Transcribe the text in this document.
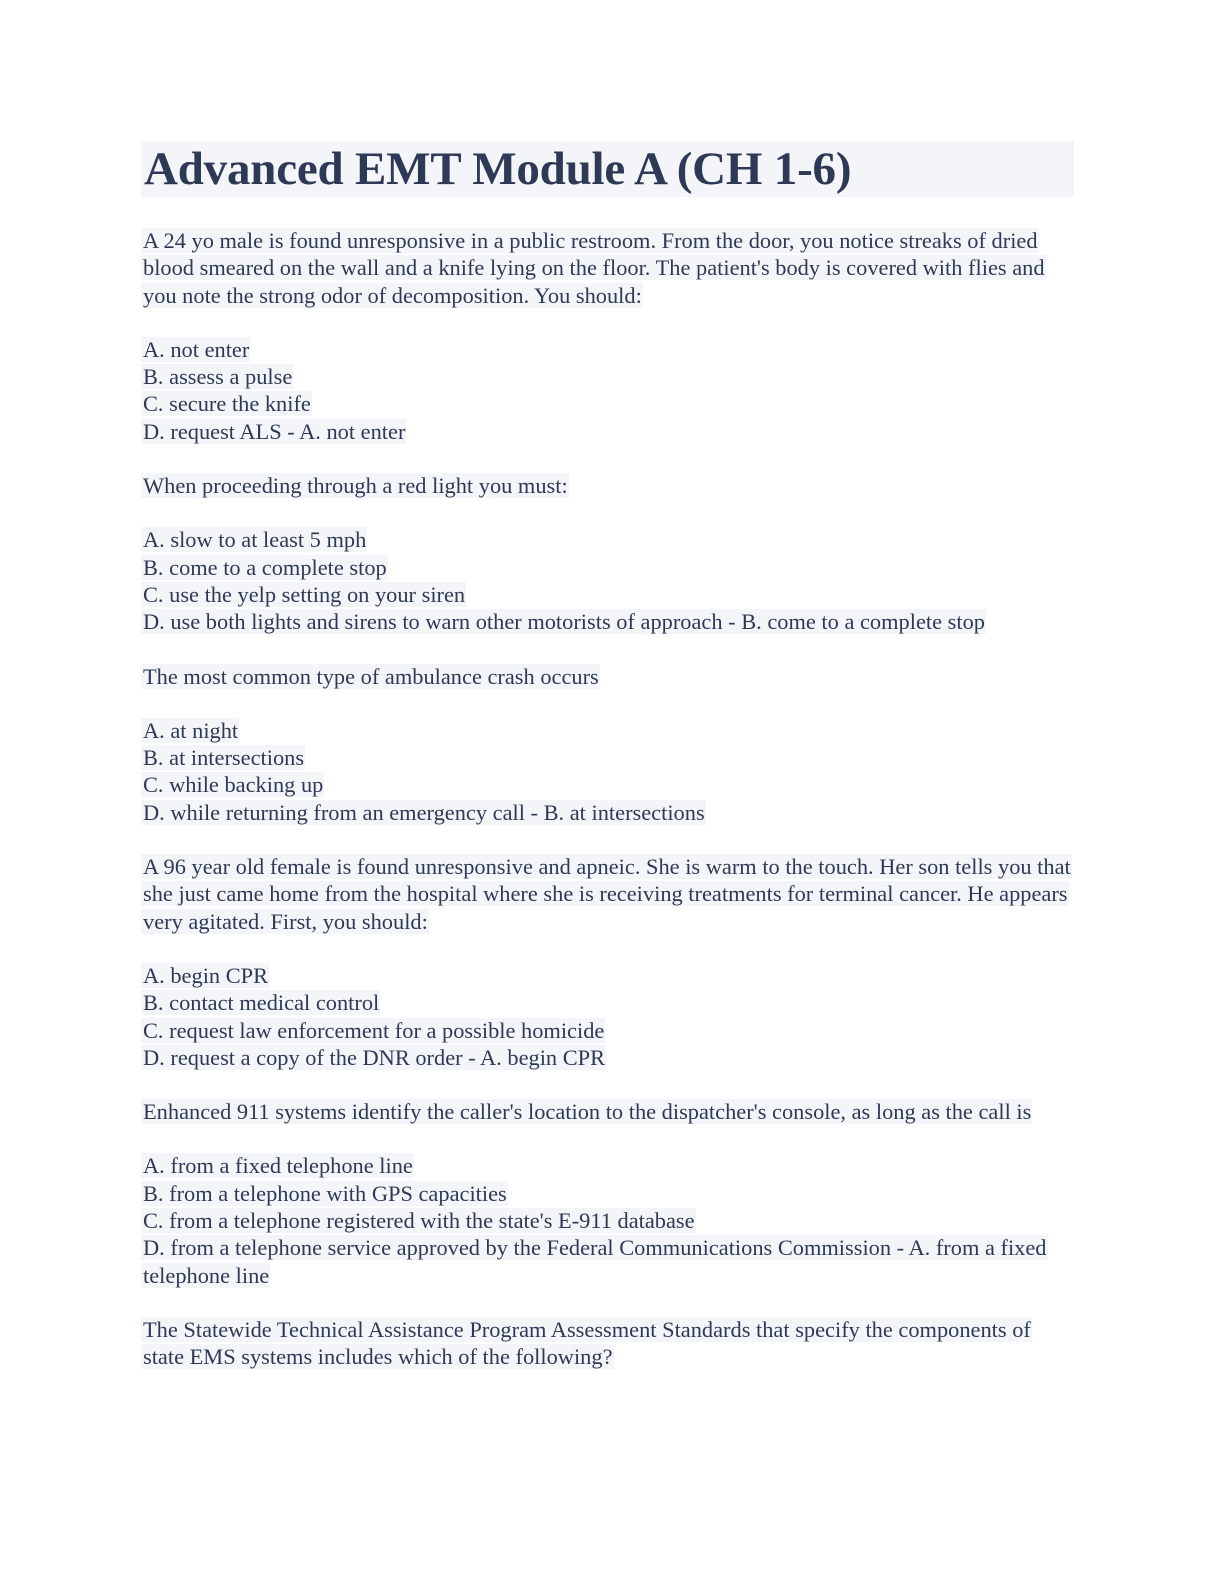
Advanced EMT Module A (CH 1-6)
A 24 yo male is found unresponsive in a public restroom. From the door, you notice streaks of dried blood smeared on the wall and a knife lying on the floor. The patient's body is covered with flies and you note the strong odor of decomposition. You should:
A. not enter
B. assess a pulse
C. secure the knife
D. request ALS - A. not enter
When proceeding through a red light you must:
A. slow to at least 5 mph
B. come to a complete stop
C. use the yelp setting on your siren
D. use both lights and sirens to warn other motorists of approach - B. come to a complete stop
The most common type of ambulance crash occurs
A. at night
B. at intersections
C. while backing up
D. while returning from an emergency call - B. at intersections
A 96 year old female is found unresponsive and apneic. She is warm to the touch. Her son tells you that she just came home from the hospital where she is receiving treatments for terminal cancer. He appears very agitated. First, you should:
A. begin CPR
B. contact medical control
C. request law enforcement for a possible homicide
D. request a copy of the DNR order - A. begin CPR
Enhanced 911 systems identify the caller's location to the dispatcher's console, as long as the call is
A. from a fixed telephone line
B. from a telephone with GPS capacities
C. from a telephone registered with the state's E-911 database
D. from a telephone service approved by the Federal Communications Commission - A. from a fixed telephone line
The Statewide Technical Assistance Program Assessment Standards that specify the components of state EMS systems includes which of the following?
